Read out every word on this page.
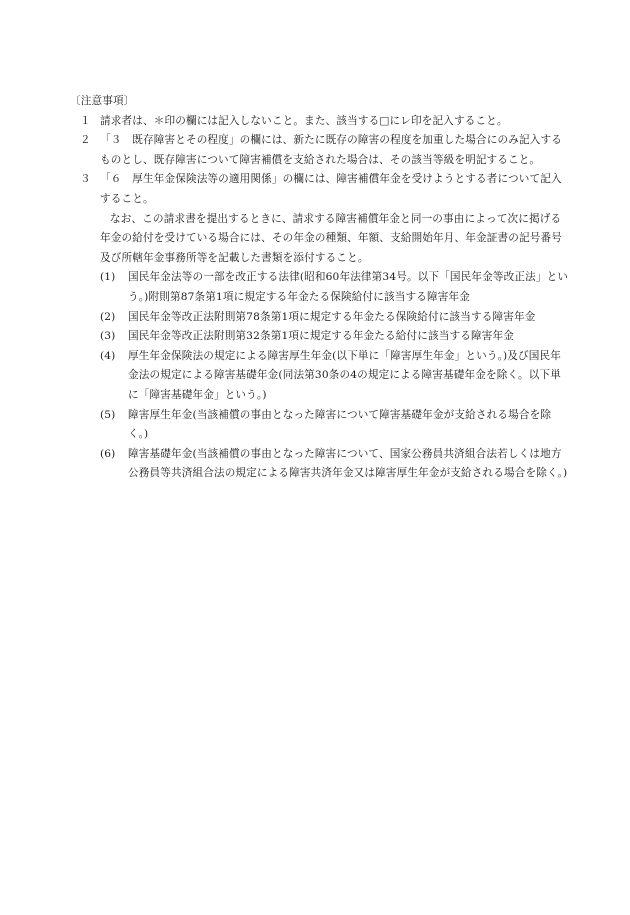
〔注意事項〕

１ 請求者は、＊印の欄には記入しないこと。また、該当する□にレ印を記入すること。
２ 「３　既存障害とその程度」の欄には、新たに既存の障害の程度を加重した場合にのみ記入するものとし、既存障害について障害補償を支給された場合は、その該当等級を明記すること。
３ 「６　厚生年金保険法等の適用関係」の欄には、障害補償年金を受けようとする者について記入すること。

なお、この請求書を提出するときに、請求する障害補償年金と同一の事由によって次に掲げる年金の給付を受けている場合には、その年金の種類、年額、支給開始年月、年金証書の記号番号及び所轄年金事務所等を記載した書類を添付すること。

(1) 国民年金法等の一部を改正する法律(昭和60年法律第34号。以下「国民年金等改正法」という。)附則第87条第1項に規定する年金たる保険給付に該当する障害年金
(2) 国民年金等改正法附則第78条第1項に規定する年金たる保険給付に該当する障害年金
(3) 国民年金等改正法附則第32条第1項に規定する年金たる給付に該当する障害年金
(4) 厚生年金保険法の規定による障害厚生年金(以下単に「障害厚生年金」という。)及び国民年金法の規定による障害基礎年金(同法第30条の4の規定による障害基礎年金を除く。以下単に「障害基礎年金」という。)
(5) 障害厚生年金(当該補償の事由となった障害について障害基礎年金が支給される場合を除く。)
(6) 障害基礎年金(当該補償の事由となった障害について、国家公務員共済組合法若しくは地方公務員等共済組合法の規定による障害共済年金又は障害厚生年金が支給される場合を除く。)
